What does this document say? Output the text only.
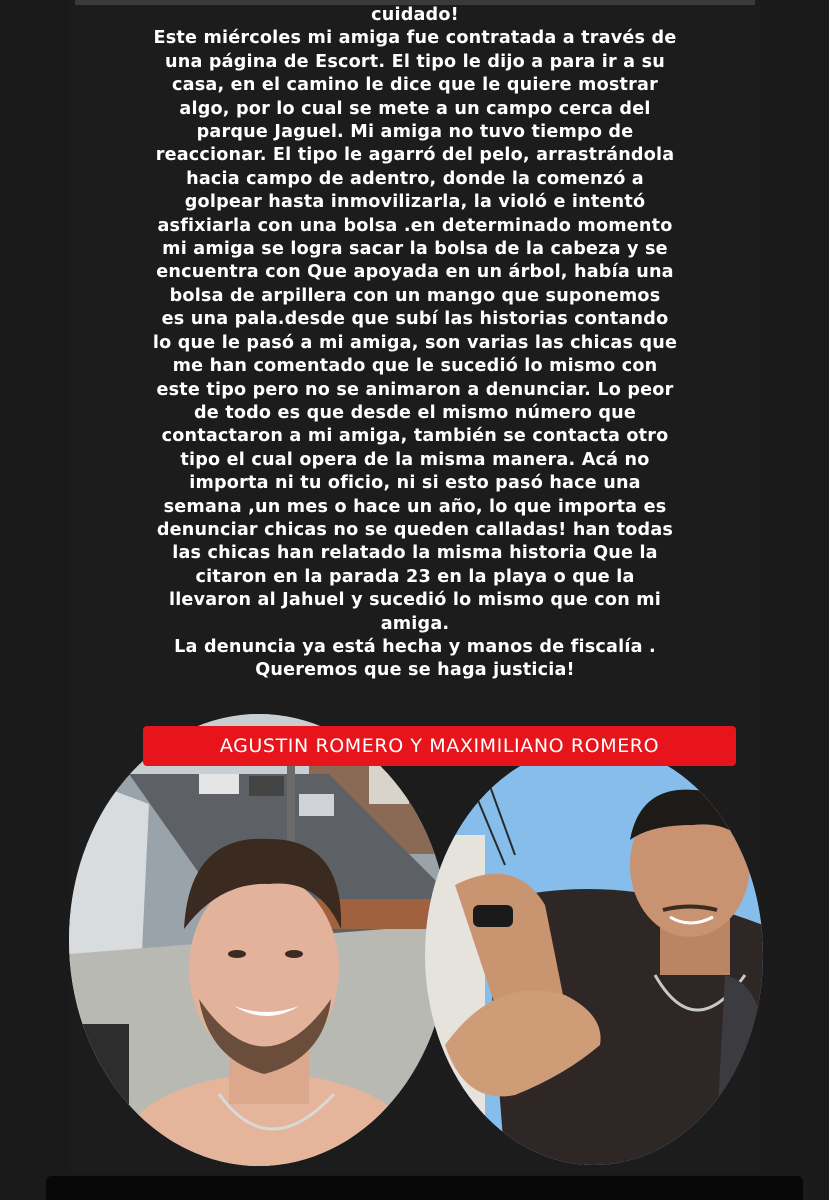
cuidado!
Este miércoles mi amiga fue contratada a través de
una página de Escort. El tipo le dijo a para ir a su
casa, en el camino le dice que le quiere mostrar
algo, por lo cual se mete a un campo cerca del
parque Jaguel. Mi amiga no tuvo tiempo de
reaccionar. El tipo le agarró del pelo, arrastrándola
hacia campo de adentro, donde la comenzó a
golpear hasta inmovilizarla, la violó e intentó
asfixiarla con una bolsa .en determinado momento
mi amiga se logra sacar la bolsa de la cabeza y se
encuentra con Que apoyada en un árbol, había una
bolsa de arpillera con un mango que suponemos
es una pala.desde que subí las historias contando
lo que le pasó a mi amiga, son varias las chicas que
me han comentado que le sucedió lo mismo con
este tipo pero no se animaron a denunciar. Lo peor
de todo es que desde el mismo número que
contactaron a mi amiga, también se contacta otro
tipo el cual opera de la misma manera. Acá no
importa ni tu oficio, ni si esto pasó hace una
semana ,un mes o hace un año, lo que importa es
denunciar chicas no se queden calladas! han todas
las chicas han relatado la misma historia Que la
citaron en la parada 23 en la playa o que la
llevaron al Jahuel y sucedió lo mismo que con mi
amiga.
La denuncia ya está hecha y manos de fiscalía .
Queremos que se haga justicia!

AGUSTIN ROMERO Y MAXIMILIANO ROMERO
